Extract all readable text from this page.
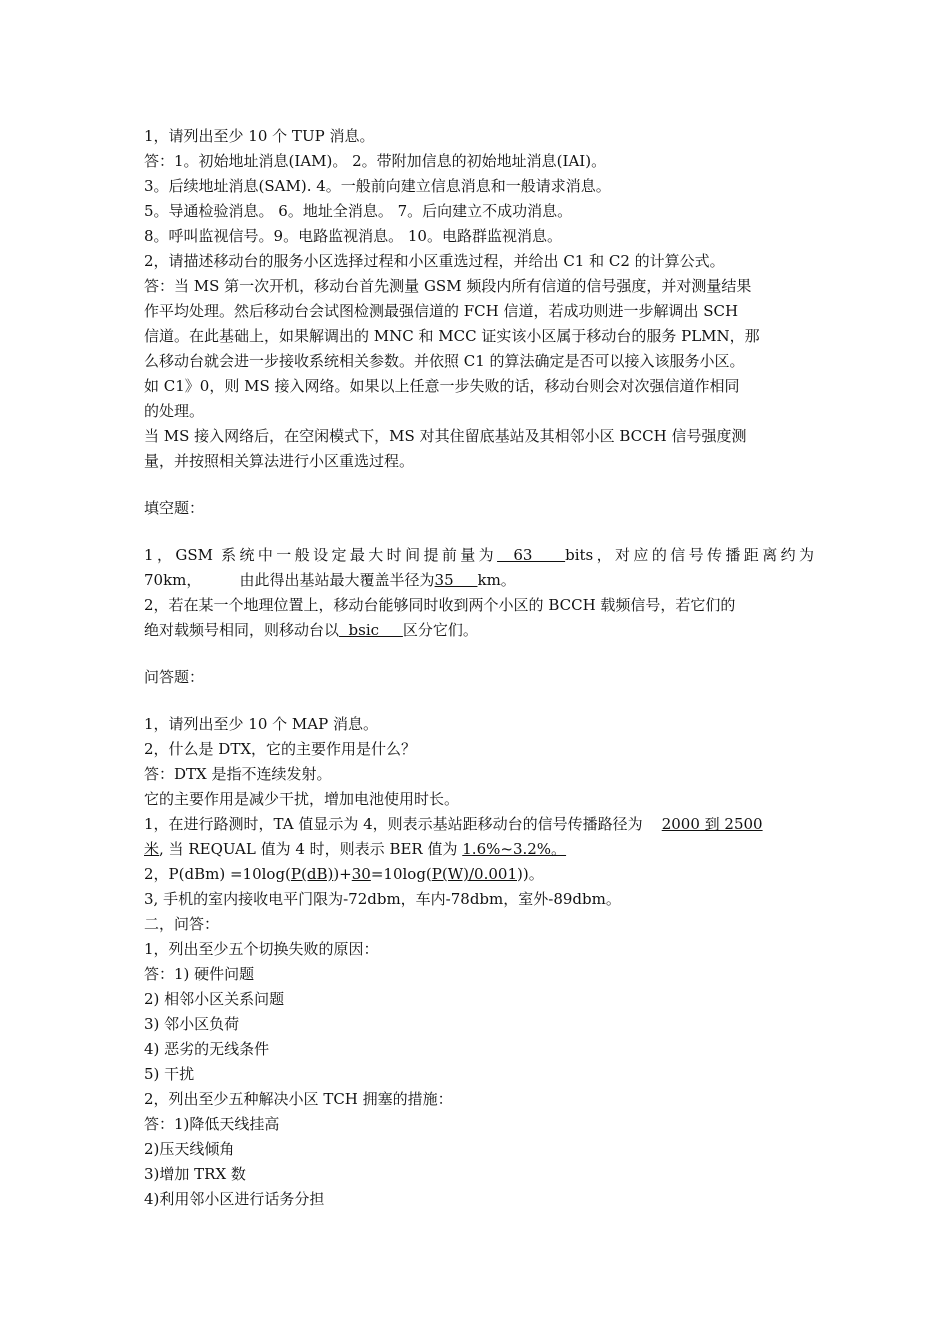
1，请列出至少 10 个 TUP 消息。
答：1。初始地址消息(IAM)。 2。带附加信息的初始地址消息(IAI)。
3。后续地址消息(SAM). 4。一般前向建立信息消息和一般请求消息。
5。导通检验消息。 6。地址全消息。 7。后向建立不成功消息。
8。呼叫监视信号。9。电路监视消息。 10。电路群监视消息。
2，请描述移动台的服务小区选择过程和小区重选过程，并给出 C1 和 C2 的计算公式。
答：当 MS 第一次开机，移动台首先测量 GSM 频段内所有信道的信号强度，并对测量结果
作平均处理。然后移动台会试图检测最强信道的 FCH 信道，若成功则进一步解调出 SCH
信道。在此基础上，如果解调出的 MNC 和 MCC 证实该小区属于移动台的服务 PLMN，那
么移动台就会进一步接收系统相关参数。并依照 C1 的算法确定是否可以接入该服务小区。
如 C1》0，则 MS 接入网络。如果以上任意一步失败的话，移动台则会对次强信道作相同
的处理。
当 MS 接入网络后，在空闲模式下，MS 对其住留底基站及其相邻小区 BCCH 信号强度测
量，并按照相关算法进行小区重选过程。
填空题：
1，GSM 系统中一般设定最大时间提前量为  63    bits，对应的信号传播距离约为
70km，        由此得出基站最大覆盖半径为35     km。
2，若在某一个地理位置上，移动台能够同时收到两个小区的 BCCH 载频信号，若它们的
绝对载频号相同，则移动台以  bsic     区分它们。
问答题：
1，请列出至少 10 个 MAP 消息。
2，什么是 DTX，它的主要作用是什么？
答：DTX 是指不连续发射。
它的主要作用是减少干扰，增加电池使用时长。
1，在进行路测时，TA 值显示为 4，则表示基站距移动台的信号传播路径为    2000 到 2500
米, 当 REQUAL 值为 4 时，则表示 BER 值为 1.6%~3.2%。
2，P(dBm) =10log(P(dB))+30=10log(P(W)/0.001))。
3, 手机的室内接收电平门限为-72dbm，车内-78dbm，室外-89dbm。
二，问答：
1，列出至少五个切换失败的原因：
答：1) 硬件问题
2) 相邻小区关系问题
3) 邻小区负荷
4) 恶劣的无线条件
5) 干扰
2，列出至少五种解决小区 TCH 拥塞的措施：
答：1)降低天线挂高
2)压天线倾角
3)增加 TRX 数
4)利用邻小区进行话务分担
